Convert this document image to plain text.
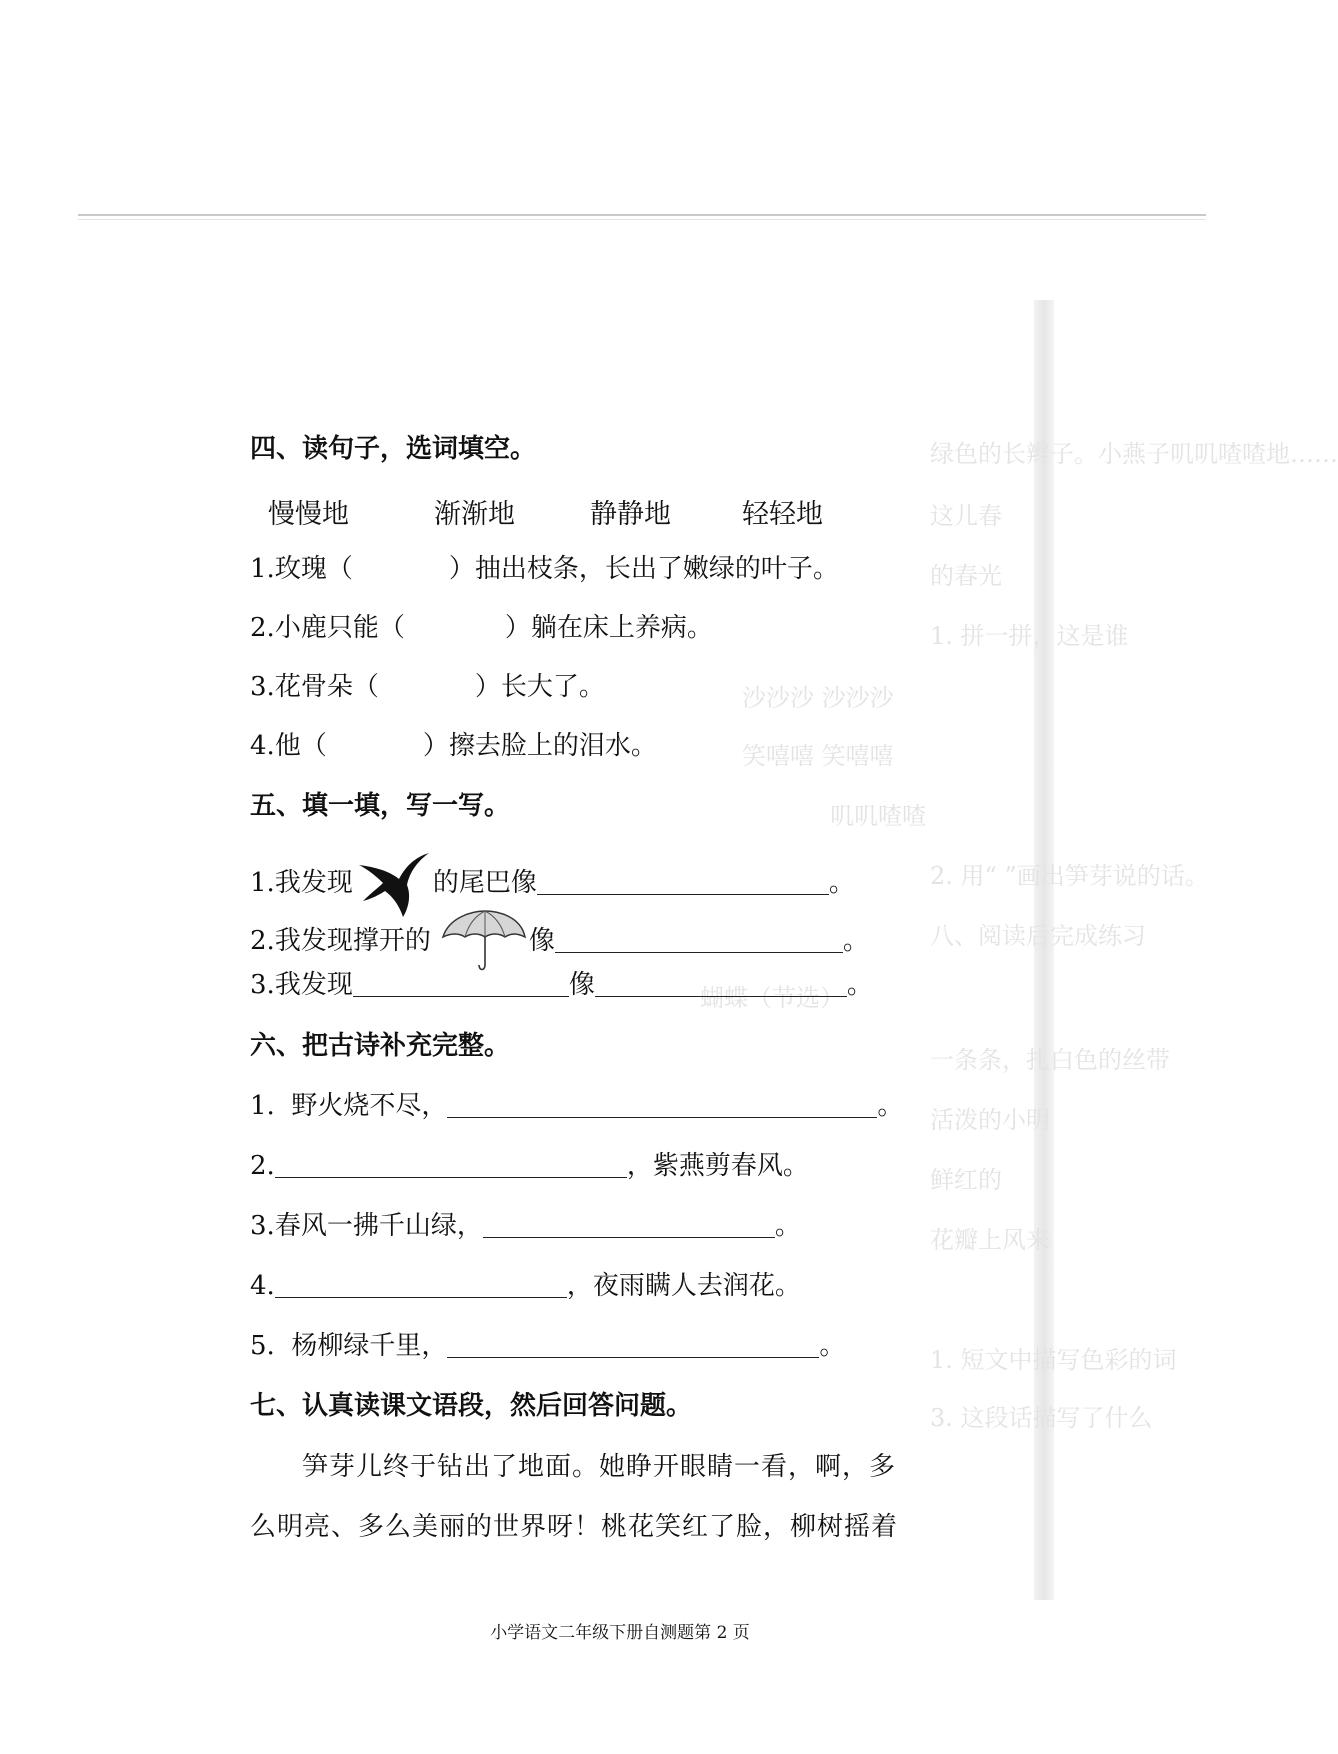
绿色的长辫子。小燕子叽叽喳喳地……
这儿春
的春光
1. 拼一拼，这是谁
沙沙沙 沙沙沙
笑嘻嘻 笑嘻嘻
叽叽喳喳
2. 用“ ”画出笋芽说的话。
八、阅读后完成练习
蝴蝶（节选）
一条条，扎白色的丝带
活泼的小明
鲜红的
花瓣上风来
1. 短文中描写色彩的词
3. 这段话描写了什么
四、读句子，选词填空。
慢慢地	渐渐地	静静地	轻轻地
1.玫瑰（	）抽出枝条，长出了嫩绿的叶子。
2.小鹿只能（	）躺在床上养病。
3.花骨朵（	）长大了。
4.他（	）擦去脸上的泪水。
五、填一填，写一写。
1.我发现	的尾巴像	。
2.我发现撑开的	像	。
3.我发现	像	。
六、把古诗补充完整。
1. 野火烧不尽，	。
2.	，紫燕剪春风。
3.春风一拂千山绿，	。
4.	，夜雨瞒人去润花。
5. 杨柳绿千里，	。
七、认真读课文语段，然后回答问题。
笋芽儿终于钻出了地面。她睁开眼睛一看，啊，多
么明亮、多么美丽的世界呀！桃花笑红了脸，柳树摇着
小学语文二年级下册自测题第 2 页
